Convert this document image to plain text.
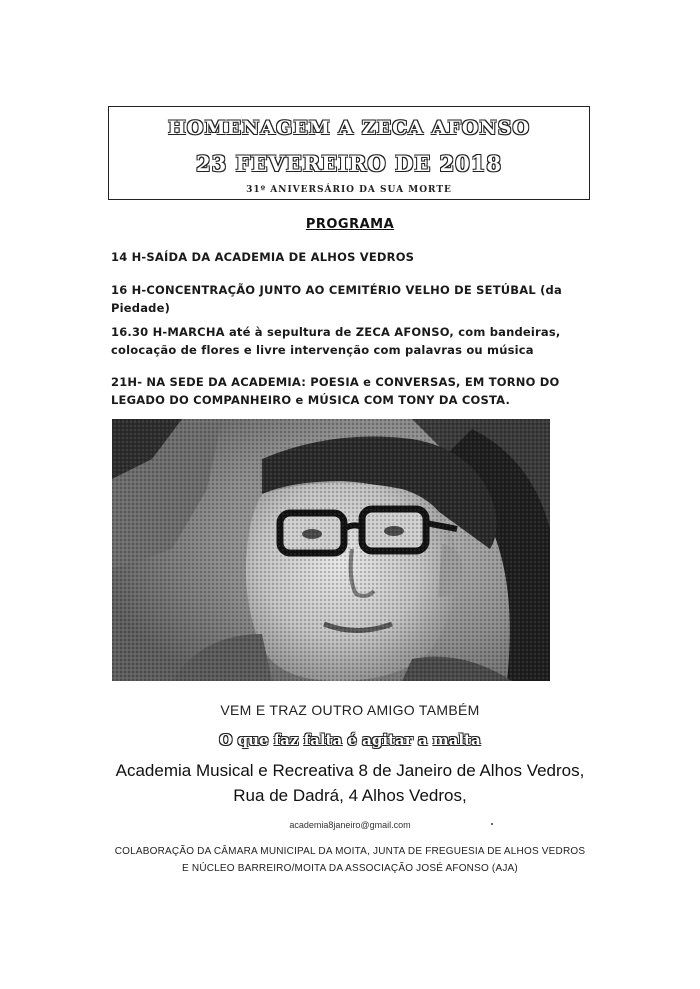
HOMENAGEM A ZECA AFONSO
23 FEVEREIRO DE 2018
31º ANIVERSÁRIO DA SUA MORTE
PROGRAMA
14 H-SAÍDA DA ACADEMIA DE ALHOS VEDROS
16 H-CONCENTRAÇÃO JUNTO AO CEMITÉRIO VELHO DE SETÚBAL (da Piedade)
16.30 H-MARCHA até à sepultura de ZECA AFONSO, com bandeiras, colocação de flores e livre intervenção com palavras ou música
21H- NA SEDE DA ACADEMIA: POESIA e CONVERSAS, EM TORNO DO LEGADO DO COMPANHEIRO e MÚSICA COM TONY DA COSTA.
VEM E TRAZ OUTRO AMIGO TAMBÉM
O que faz falta é agitar a malta
Academia Musical e Recreativa 8 de Janeiro de Alhos Vedros,
Rua de Dadrá, 4 Alhos Vedros,
academia8janeiro@gmail.com
COLABORAÇÃO DA CÂMARA MUNICIPAL DA MOITA, JUNTA DE FREGUESIA DE ALHOS VEDROS
E NÚCLEO BARREIRO/MOITA DA ASSOCIAÇÃO JOSÉ AFONSO (AJA)
